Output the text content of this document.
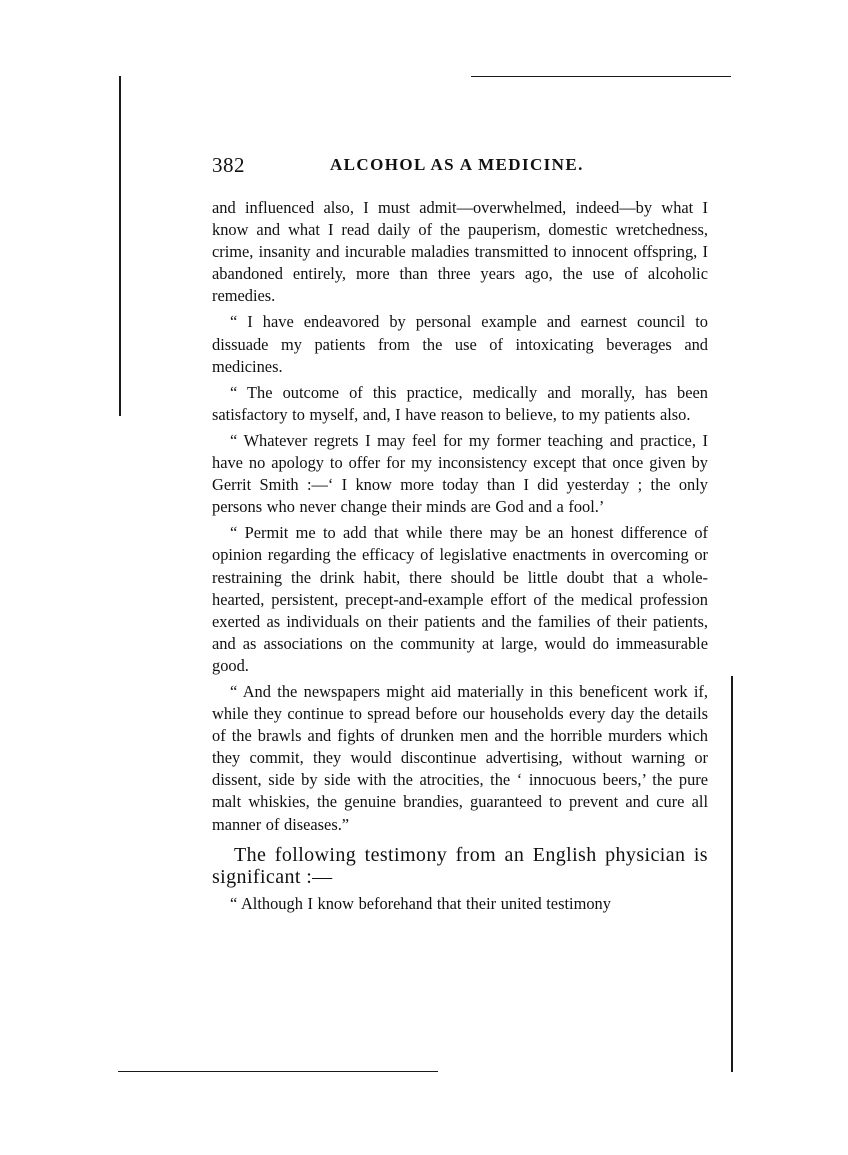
382	ALCOHOL AS A MEDICINE.

and influenced also, I must admit—overwhelmed, indeed—by what I know and what I read daily of the pauperism, domestic wretchedness, crime, insanity and incurable maladies transmitted to innocent offspring, I abandoned entirely, more than three years ago, the use of alcoholic remedies.

“ I have endeavored by personal example and earnest council to dissuade my patients from the use of intoxicating beverages and medicines.

“ The outcome of this practice, medically and morally, has been satisfactory to myself, and, I have reason to believe, to my patients also.

“ Whatever regrets I may feel for my former teaching and practice, I have no apology to offer for my inconsistency except that once given by Gerrit Smith :—‘ I know more today than I did yesterday ; the only persons who never change their minds are God and a fool.’

“ Permit me to add that while there may be an honest difference of opinion regarding the efficacy of legislative enactments in overcoming or restraining the drink habit, there should be little doubt that a whole-hearted, persistent, precept-and-example effort of the medical profession exerted as individuals on their patients and the families of their patients, and as associations on the community at large, would do immeasurable good.

“ And the newspapers might aid materially in this beneficent work if, while they continue to spread before our households every day the details of the brawls and fights of drunken men and the horrible murders which they commit, they would discontinue advertising, without warning or dissent, side by side with the atrocities, the ‘ innocuous beers,’ the pure malt whiskies, the genuine brandies, guaranteed to prevent and cure all manner of diseases.”

The following testimony from an English physician is significant :—

“ Although I know beforehand that their united testimony
